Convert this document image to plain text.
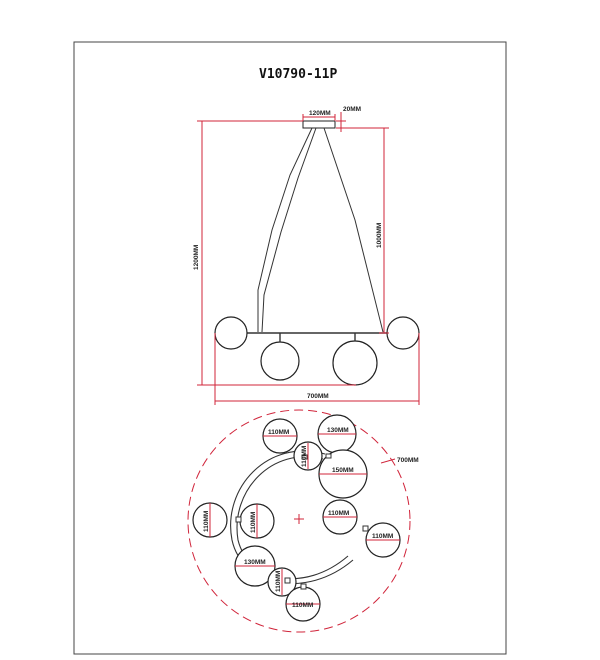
V10790-11P
120MM
20MM
1200MM
1000MM
700MM
700MM
110MM	130MM
110MM
150MM
110MM	110MM	110MM
110MM
130MM
110MM
110MM
